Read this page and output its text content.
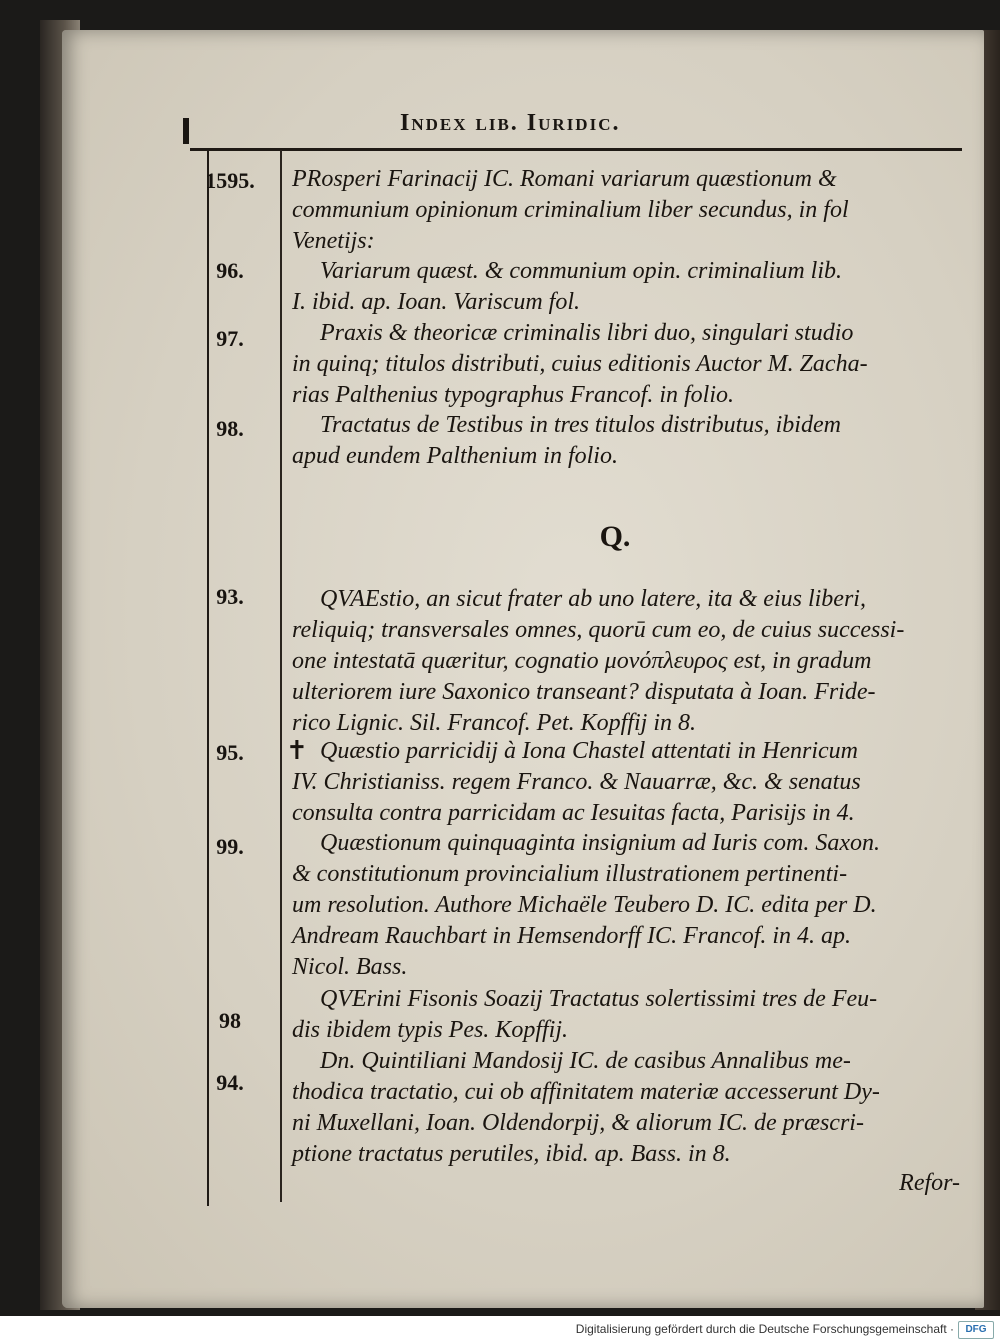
Index lib. Iuridic.
1595.
96.
97.
98.
93.
95.
99.
98
94.
PRosperi Farinacij IC. Romani variarum quæstionum &
communium opinionum criminalium liber secundus, in fol
Venetijs:
Variarum quæst. & communium opin. criminalium lib.
I. ibid. ap. Ioan. Variscum fol.
Praxis & theoricæ criminalis libri duo, singulari studio
in quinq; titulos distributi, cuius editionis Auctor M. Zacha-
rias Palthenius typographus Francof. in folio.
Tractatus de Testibus in tres titulos distributus, ibidem
apud eundem Palthenium in folio.
Q.
QVAEstio, an sicut frater ab uno latere, ita & eius liberi,
reliquiq; transversales omnes, quorū cum eo, de cuius successi-
one intestatā quæritur, cognatio μονόπλευρος est, in gradum
ulteriorem iure Saxonico transeant? disputata à Ioan. Fride-
rico Lignic. Sil. Francof. Pet. Kopffij in 8.
✝ Quæstio parricidij à Iona Chastel attentati in Henricum
IV. Christianiss. regem Franco. & Nauarræ, &c. & senatus
consulta contra parricidam ac Iesuitas facta, Parisijs in 4.
Quæstionum quinquaginta insignium ad Iuris com. Saxon.
& constitutionum provincialium illustrationem pertinenti-
um resolution. Authore Michaële Teubero D. IC. edita per D.
Andream Rauchbart in Hemsendorff IC. Francof. in 4. ap.
Nicol. Bass.
QVErini Fisonis Soazij Tractatus solertissimi tres de Feu-
dis ibidem typis Pes. Kopffij.
Dn. Quintiliani Mandosij IC. de casibus Annalibus me-
thodica tractatio, cui ob affinitatem materiæ accesserunt Dy-
ni Muxellani, Ioan. Oldendorpij, & aliorum IC. de præscri-
ptione tractatus perutiles, ibid. ap. Bass. in 8.
Refor-
Digitalisierung gefördert durch die Deutsche Forschungsgemeinschaft ·	DFG
